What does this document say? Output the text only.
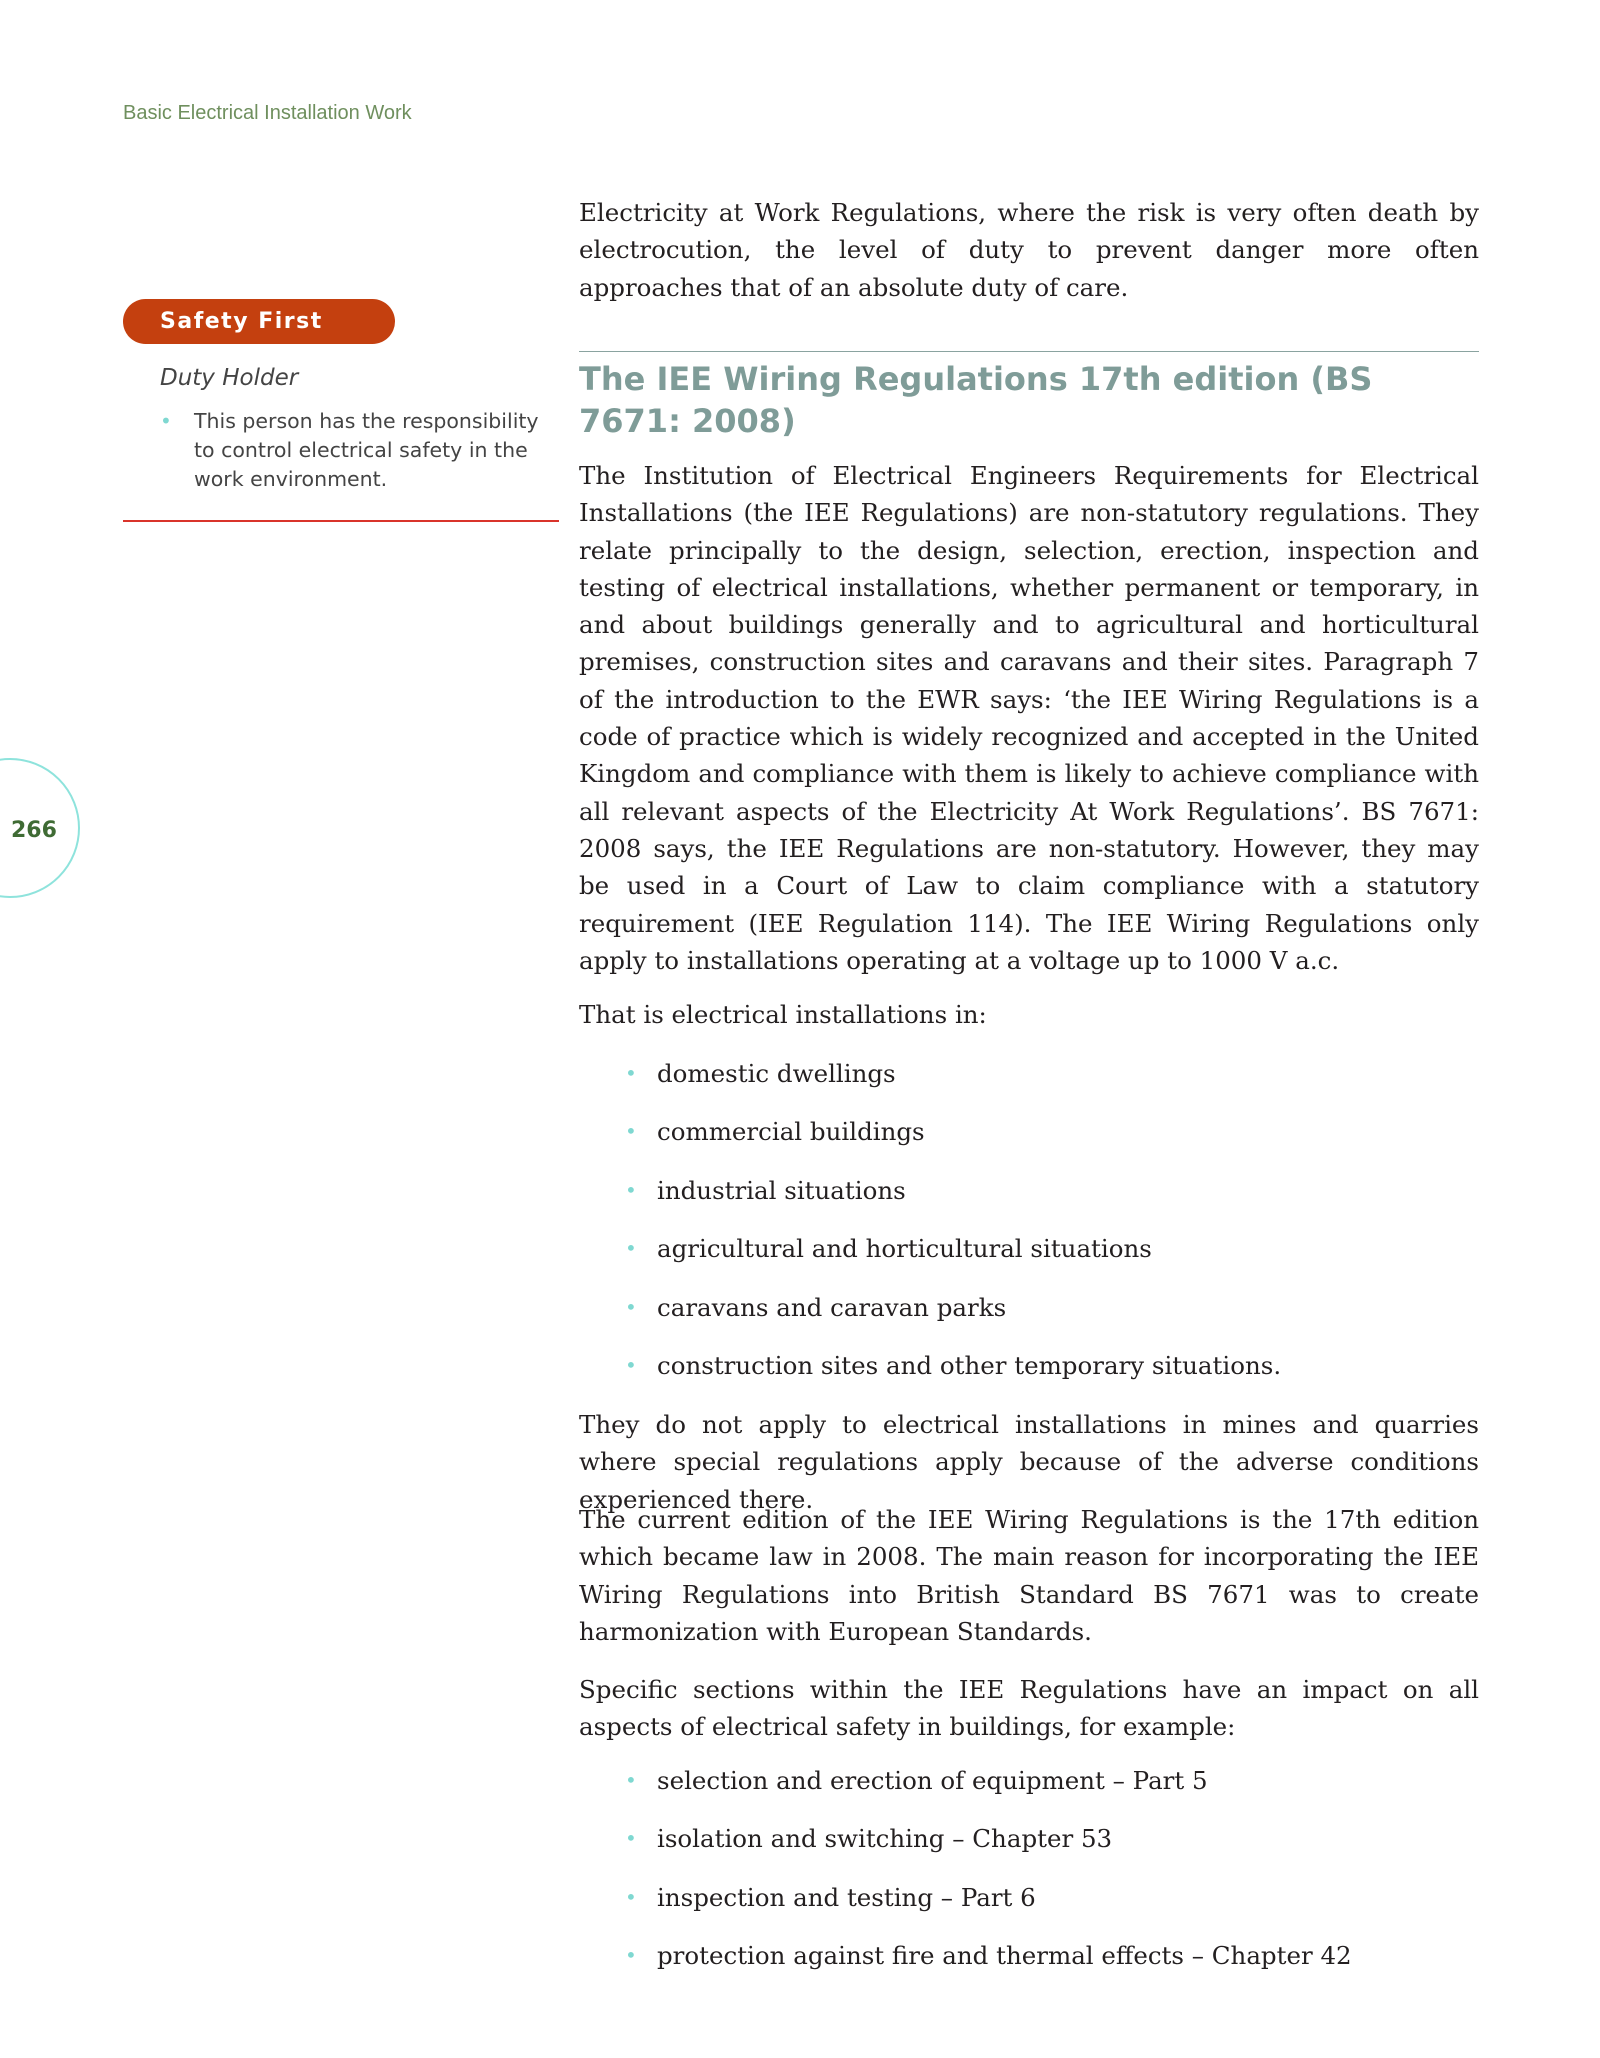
Basic Electrical Installation Work
Safety First
Duty Holder
• This person has the responsibility to control electrical safety in the work environment.
266

Electricity at Work Regulations, where the risk is very often death by electrocution, the level of duty to prevent danger more often approaches that of an absolute duty of care.

The IEE Wiring Regulations 17th edition (BS 7671: 2008)

The Institution of Electrical Engineers Requirements for Electrical Installations (the IEE Regulations) are non-statutory regulations. They relate principally to the design, selection, erection, inspection and testing of electrical installations, whether permanent or temporary, in and about buildings generally and to agricultural and horticultural premises, construction sites and caravans and their sites. Paragraph 7 of the introduction to the EWR says: ‘the IEE Wiring Regulations is a code of practice which is widely recognized and accepted in the United Kingdom and compliance with them is likely to achieve compliance with all relevant aspects of the Electricity At Work Regulations’. BS 7671: 2008 says, the IEE Regulations are non-statutory. However, they may be used in a Court of Law to claim compliance with a statutory requirement (IEE Regulation 114). The IEE Wiring Regulations only apply to installations operating at a voltage up to 1000 V a.c.

That is electrical installations in:

• domestic dwellings
• commercial buildings
• industrial situations
• agricultural and horticultural situations
• caravans and caravan parks
• construction sites and other temporary situations.

They do not apply to electrical installations in mines and quarries where special regulations apply because of the adverse conditions experienced there.

The current edition of the IEE Wiring Regulations is the 17th edition which became law in 2008. The main reason for incorporating the IEE Wiring Regulations into British Standard BS 7671 was to create harmonization with European Standards.

Specific sections within the IEE Regulations have an impact on all aspects of electrical safety in buildings, for example:

• selection and erection of equipment – Part 5
• isolation and switching – Chapter 53
• inspection and testing – Part 6
• protection against fire and thermal effects – Chapter 42
